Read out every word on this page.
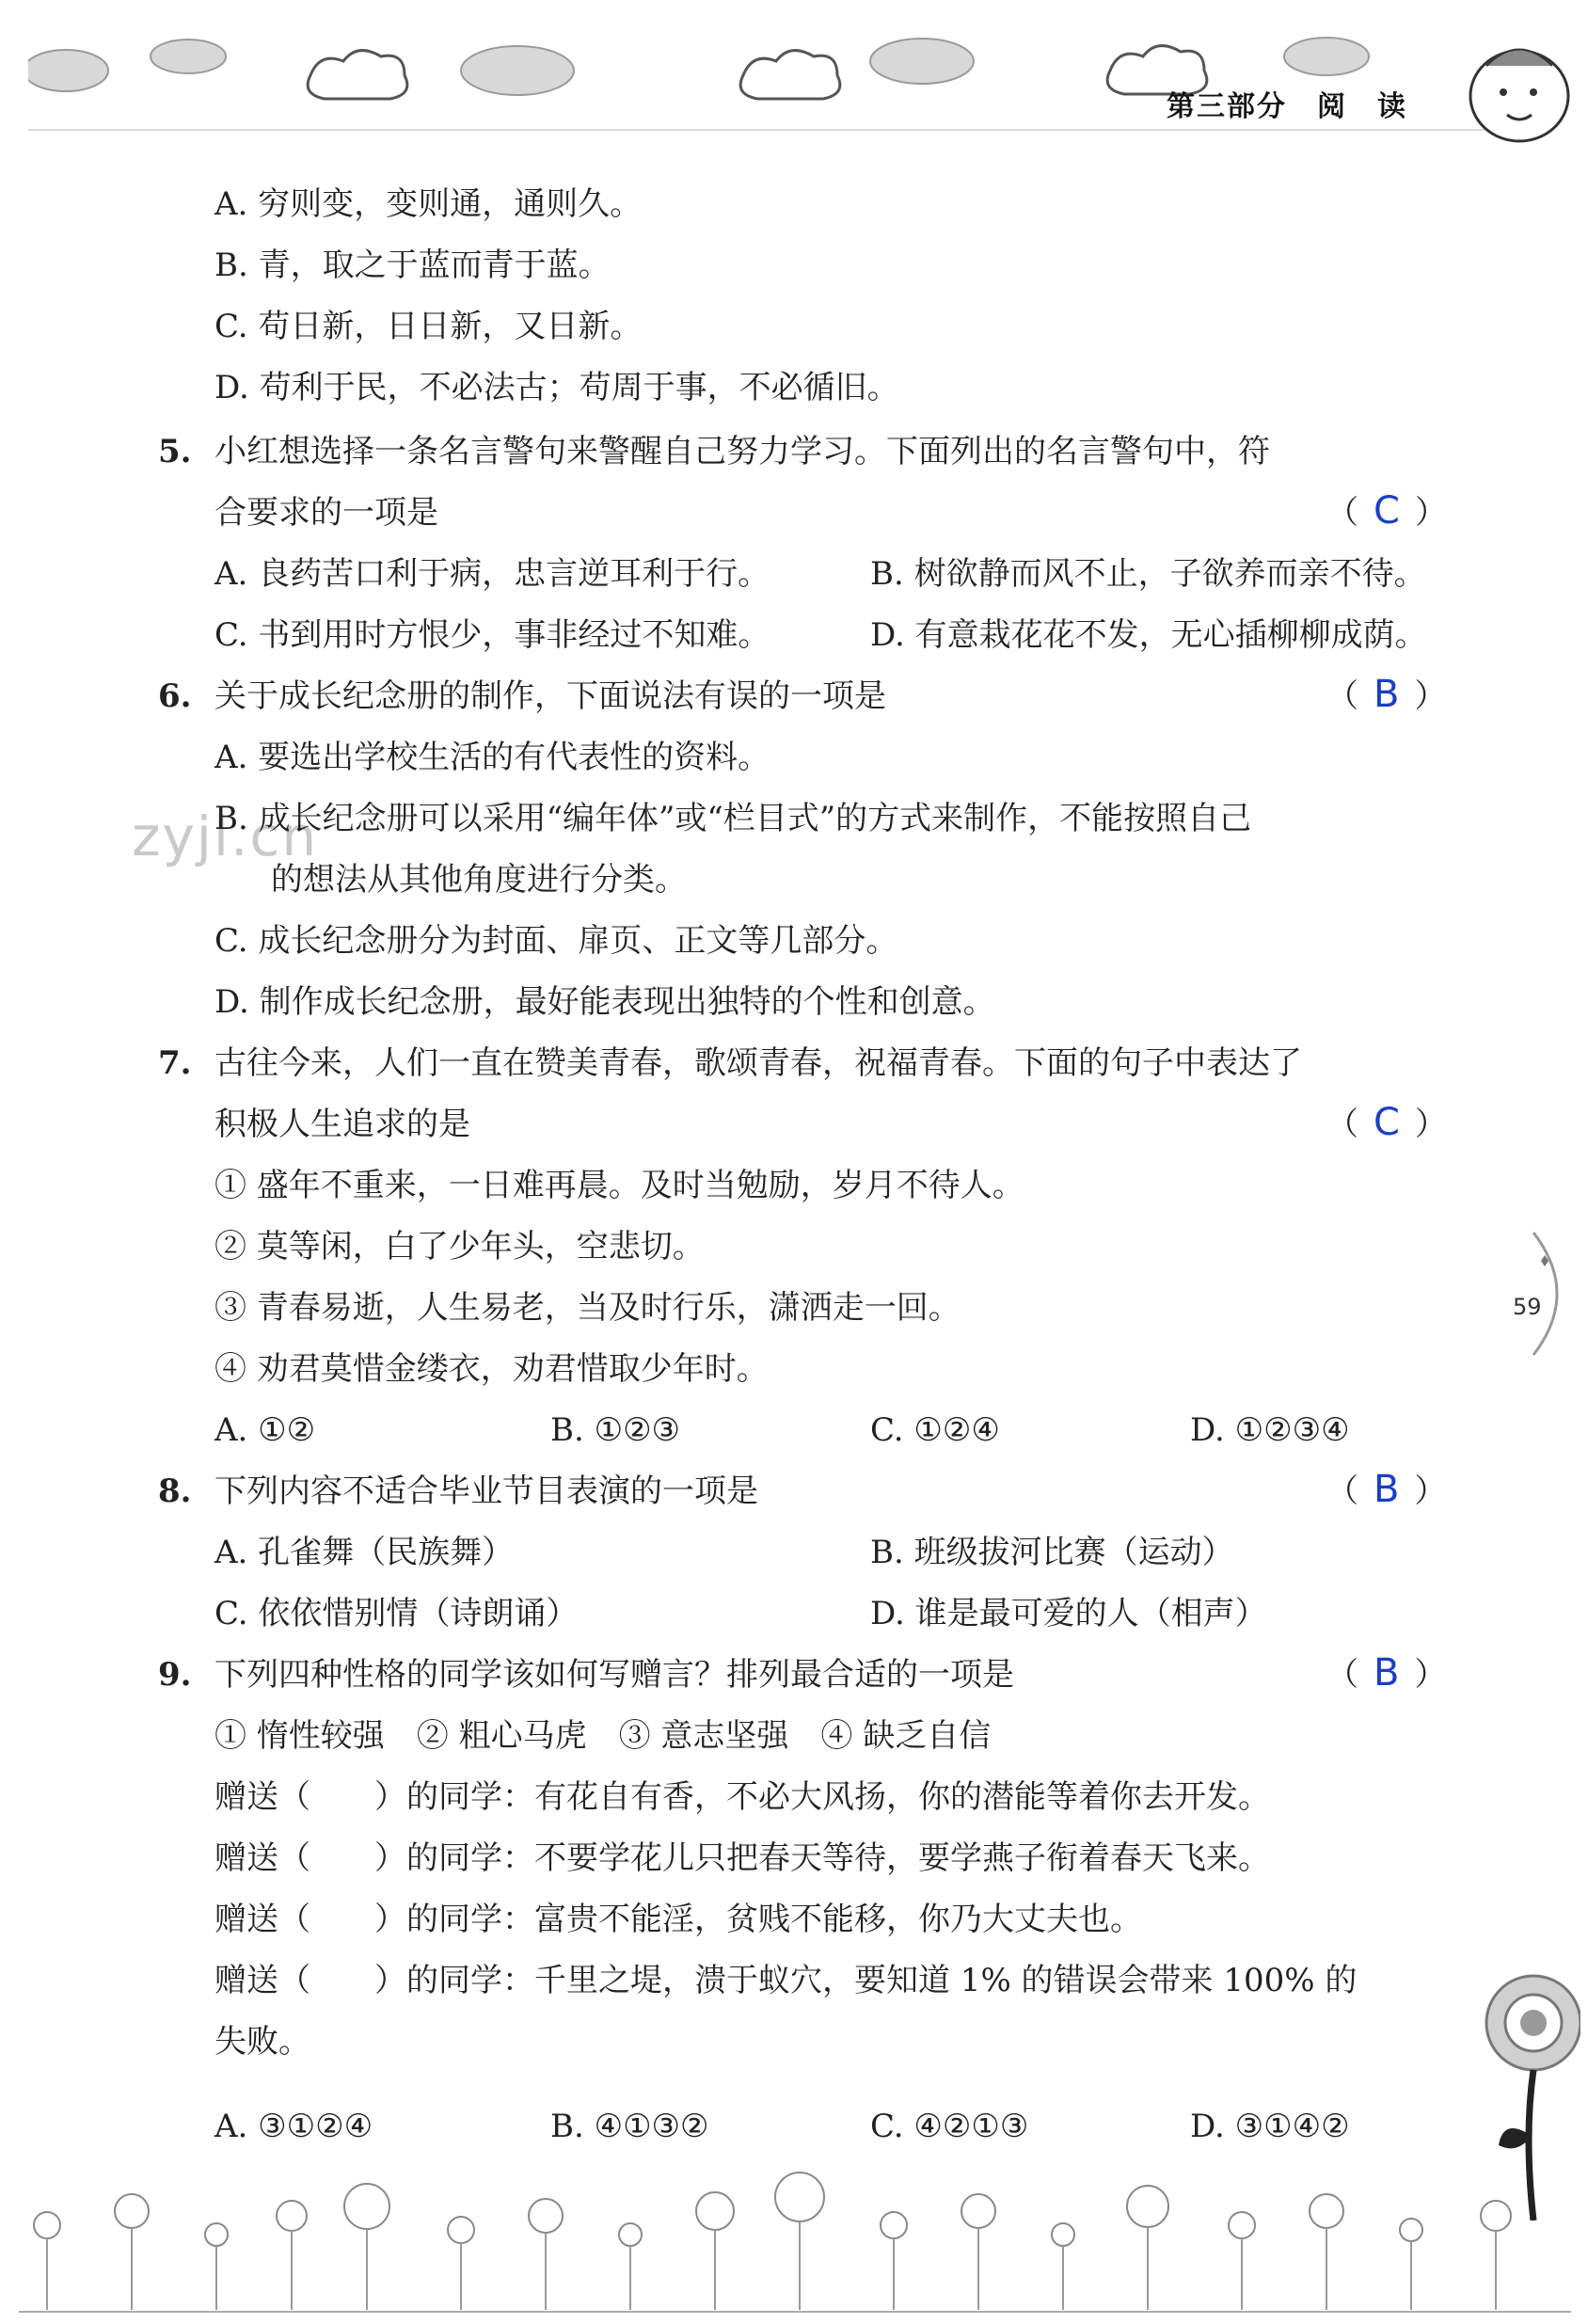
第三部分　阅　读
zyjl.cn
A. 穷则变，变则通，通则久。
B. 青，取之于蓝而青于蓝。
C. 苟日新，日日新，又日新。
D. 苟利于民，不必法古；苟周于事，不必循旧。
5. 小红想选择一条名言警句来警醒自己努力学习。下面列出的名言警句中，符
合要求的一项是	（ C ）
A. 良药苦口利于病，忠言逆耳利于行。	B. 树欲静而风不止，子欲养而亲不待。
C. 书到用时方恨少，事非经过不知难。	D. 有意栽花花不发，无心插柳柳成荫。
6. 关于成长纪念册的制作，下面说法有误的一项是	（ B ）
A. 要选出学校生活的有代表性的资料。
B. 成长纪念册可以采用“编年体”或“栏目式”的方式来制作，不能按照自己
的想法从其他角度进行分类。
C. 成长纪念册分为封面、扉页、正文等几部分。
D. 制作成长纪念册，最好能表现出独特的个性和创意。
7. 古往今来，人们一直在赞美青春，歌颂青春，祝福青春。下面的句子中表达了
积极人生追求的是	（ C ）
① 盛年不重来，一日难再晨。及时当勉励，岁月不待人。
② 莫等闲，白了少年头，空悲切。
③ 青春易逝，人生易老，当及时行乐，潇洒走一回。
④ 劝君莫惜金缕衣，劝君惜取少年时。
A. ①②	B. ①②③	C. ①②④	D. ①②③④
59
8. 下列内容不适合毕业节目表演的一项是	（ B ）
A. 孔雀舞（民族舞）	B. 班级拔河比赛（运动）
C. 依依惜别情（诗朗诵）	D. 谁是最可爱的人（相声）
9. 下列四种性格的同学该如何写赠言？排列最合适的一项是	（ B ）
① 惰性较强　② 粗心马虎　③ 意志坚强　④ 缺乏自信
赠送（　　）的同学：有花自有香，不必大风扬，你的潜能等着你去开发。
赠送（　　）的同学：不要学花儿只把春天等待，要学燕子衔着春天飞来。
赠送（　　）的同学：富贵不能淫，贫贱不能移，你乃大丈夫也。
赠送（　　）的同学：千里之堤，溃于蚁穴，要知道 1% 的错误会带来 100% 的
失败。
A. ③①②④	B. ④①③②	C. ④②①③	D. ③①④②
